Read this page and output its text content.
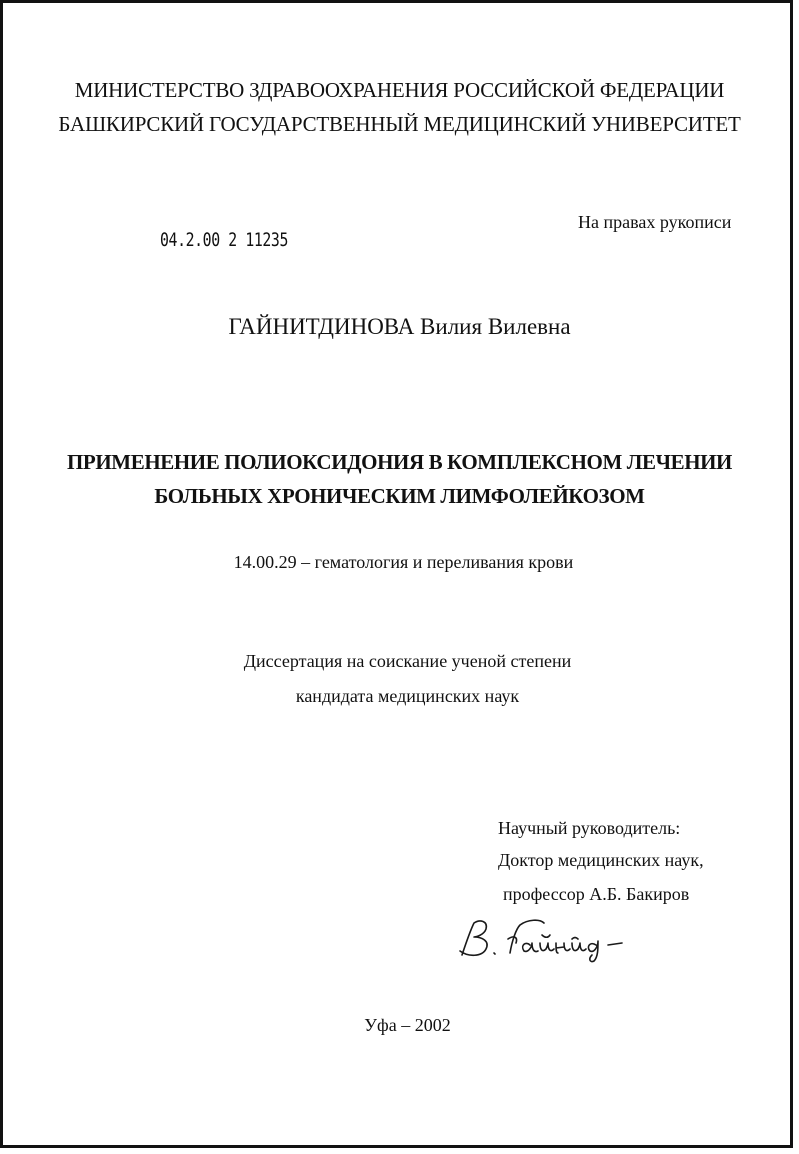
МИНИСТЕРСТВО ЗДРАВООХРАНЕНИЯ РОССИЙСКОЙ ФЕДЕРАЦИИ
БАШКИРСКИЙ ГОСУДАРСТВЕННЫЙ МЕДИЦИНСКИЙ УНИВЕРСИТЕТ
На правах рукописи
04.2.00 2 11235
ГАЙНИТДИНОВА Вилия Вилевна
ПРИМЕНЕНИЕ ПОЛИОКСИДОНИЯ В КОМПЛЕКСНОМ ЛЕЧЕНИИ
БОЛЬНЫХ ХРОНИЧЕСКИМ ЛИМФОЛЕЙКОЗОМ
14.00.29 – гематология и переливания крови
Диссертация на соискание ученой степени
кандидата медицинских наук
Научный руководитель:
Доктор медицинских наук,
профессор А.Б. Бакиров
Уфа – 2002
